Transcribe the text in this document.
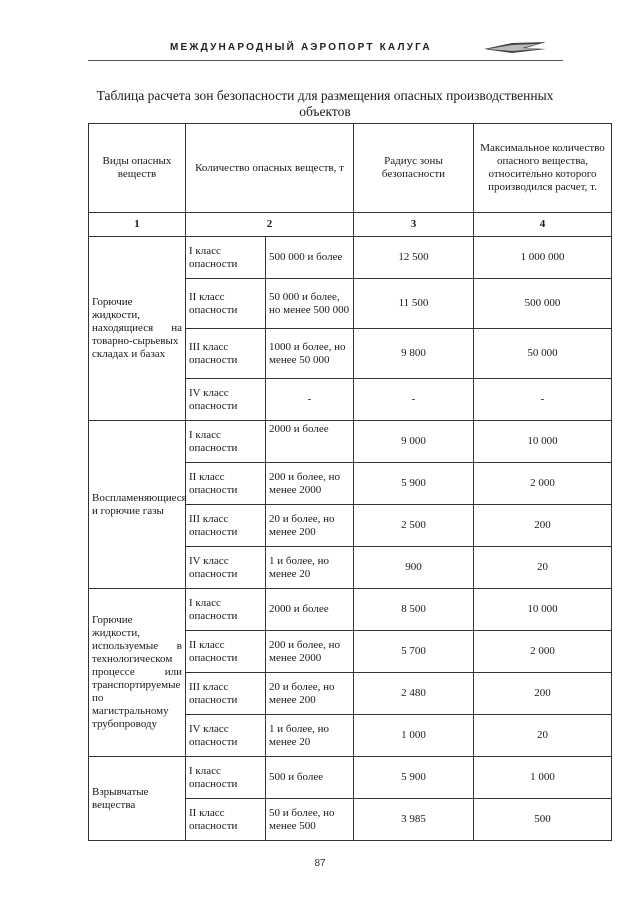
МЕЖДУНАРОДНЫЙ АЭРОПОРТ КАЛУГА
Таблица расчета зон безопасности для размещения опасных производственных объектов
Виды опасных веществ	Количество опасных веществ, т		Радиус зоны безопасности	Максимальное количество опасного вещества, относительно которого производился расчет, т.
1	2		3	4
Горючие жидкости, находящиеся на товарно-сырьевых складах и базах	I класс опасности	500 000 и более	12 500	1 000 000
	II класс опасности	50 000 и более, но менее 500 000	11 500	500 000
	III класс опасности	1000 и более, но менее 50 000	9 800	50 000
	IV класс опасности	-	-	-
Воспламеняющиеся и горючие газы	I класс опасности	2000 и более	9 000	10 000
	II класс опасности	200 и более, но менее 2000	5 900	2 000
	III класс опасности	20 и более, но менее 200	2 500	200
	IV класс опасности	1 и более, но менее 20	900	20
Горючие жидкости, используемые в технологическом процессе или транспортируемые по магистральному трубопроводу	I класс опасности	2000 и более	8 500	10 000
	II класс опасности	200 и более, но менее 2000	5 700	2 000
	III класс опасности	20 и более, но менее 200	2 480	200
	IV класс опасности	1 и более, но менее 20	1 000	20
Взрывчатые вещества	I класс опасности	500 и более	5 900	1 000
	II класс опасности	50 и более, но менее 500	3 985	500
87
